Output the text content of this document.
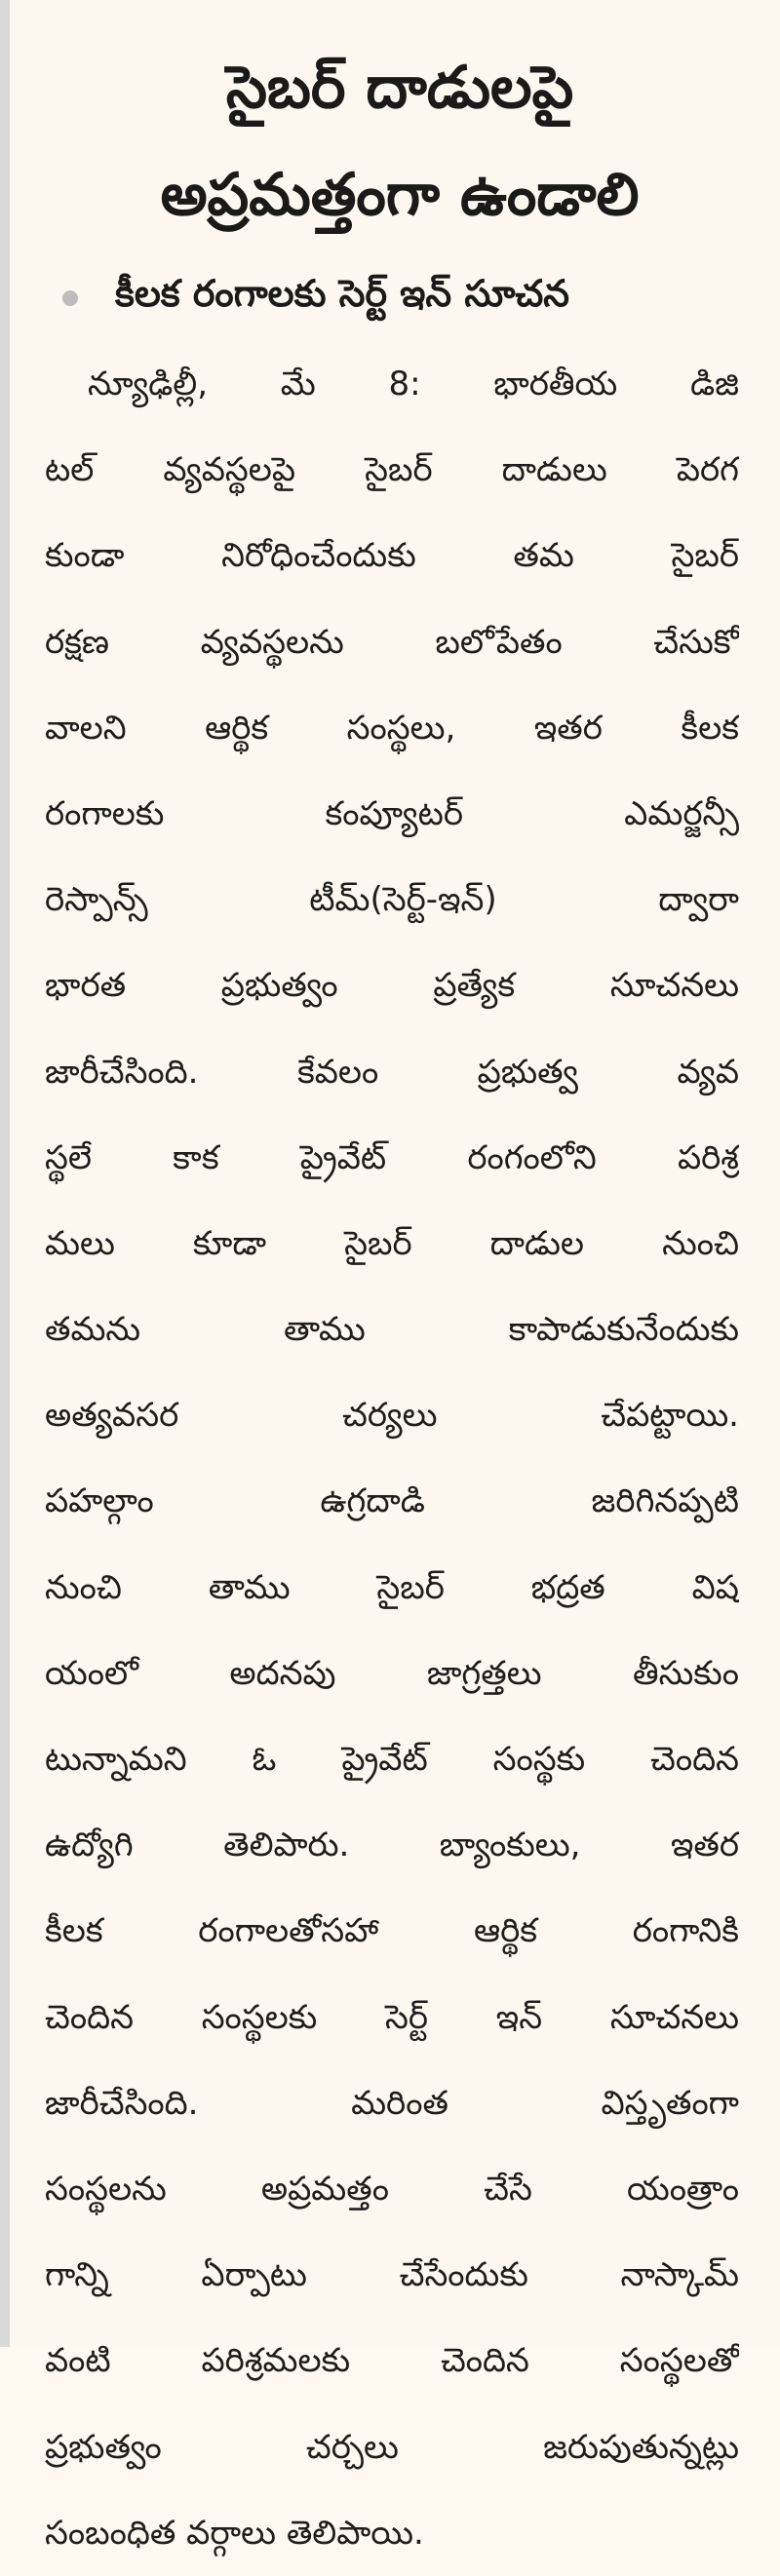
సైబర్ దాడులపై
అప్రమత్తంగా ఉండాలి
కీలక రంగాలకు సెర్ట్ ఇన్ సూచన
న్యూఢిల్లీ, మే 8: భారతీయ డిజి
టల్ వ్యవస్థలపై సైబర్ దాడులు పెరగ
కుండా నిరోధించేందుకు తమ సైబర్
రక్షణ వ్యవస్థలను బలోపేతం చేసుకో
వాలని ఆర్థిక సంస్థలు, ఇతర కీలక
రంగాలకు కంప్యూటర్ ఎమర్జన్సీ
రెస్పాన్స్ టీమ్(సెర్ట్-ఇన్) ద్వారా
భారత ప్రభుత్వం ప్రత్యేక సూచనలు
జారీచేసింది. కేవలం ప్రభుత్వ వ్యవ
స్థలే కాక ప్రైవేట్ రంగంలోని పరిశ్ర
మలు కూడా సైబర్ దాడుల నుంచి
తమను తాము కాపాడుకునేందుకు
అత్యవసర చర్యలు చేపట్టాయి.
పహల్గాం ఉగ్రదాడి జరిగినప్పటి
నుంచి తాము సైబర్ భద్రత విష
యంలో అదనపు జాగ్రత్తలు తీసుకుం
టున్నామని ఓ ప్రైవేట్ సంస్థకు చెందిన
ఉద్యోగి తెలిపారు. బ్యాంకులు, ఇతర
కీలక రంగాలతోసహా ఆర్థిక రంగానికి
చెందిన సంస్థలకు సెర్ట్ ఇన్ సూచనలు
జారీచేసింది. మరింత విస్తృతంగా
సంస్థలను అప్రమత్తం చేసే యంత్రాం
గాన్ని ఏర్పాటు చేసేందుకు నాస్కామ్
వంటి పరిశ్రమలకు చెందిన సంస్థలతో
ప్రభుత్వం చర్చలు జరుపుతున్నట్లు
సంబంధిత వర్గాలు తెలిపాయి.
